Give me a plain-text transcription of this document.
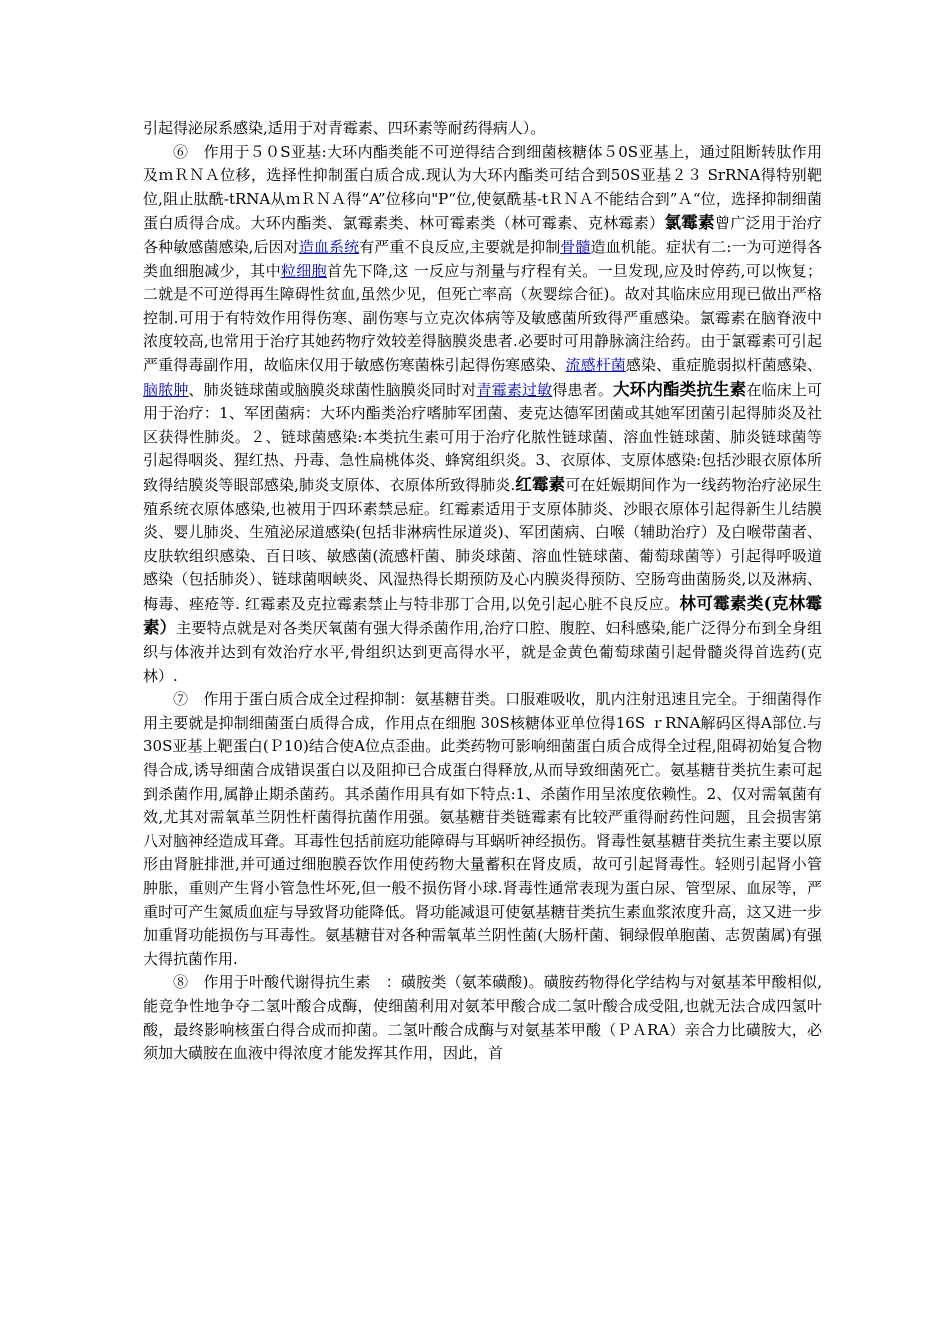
引起得泌尿系感染,适用于对青霉素、四环素等耐药得病人）。

⑥　作用于５０S亚基:大环内酯类能不可逆得结合到细菌核糖体５0S亚基上，通过阻断转肽作用及ｍＲＮＡ位移，选择性抑制蛋白质合成.现认为大环内酯类可结合到50S亚基２３ SrRNA得特别靶位,阻止肽酰-tRNA从ｍＲＮＡ得“A”位移向"P“位,使氨酰基-tＲＮＡ不能结合到”Ａ“位，选择抑制细菌蛋白质得合成。大环内酯类、氯霉素类、林可霉素类（林可霉素、克林霉素）氯霉素曾广泛用于治疗各种敏感菌感染,后因对造血系统有严重不良反应,主要就是抑制骨髓造血机能。症状有二:一为可逆得各类血细胞减少，其中粒细胞首先下降,这 一反应与剂量与疗程有关。一旦发现,应及时停药,可以恢复；二就是不可逆得再生障碍性贫血,虽然少见，但死亡率高（灰婴综合征)。故对其临床应用现已做出严格控制.可用于有特效作用得伤寒、副伤寒与立克次体病等及敏感菌所致得严重感染。氯霉素在脑脊液中浓度较高,也常用于治疗其她药物疗效较差得脑膜炎患者.必要时可用静脉滴注给药。由于氯霉素可引起严重得毒副作用，故临床仅用于敏感伤寒菌株引起得伤寒感染、流感杆菌感染、重症脆弱拟杆菌感染、脑脓肿、肺炎链球菌或脑膜炎球菌性脑膜炎同时对青霉素过敏得患者。大环内酯类抗生素在临床上可用于治疗：1、军团菌病：大环内酯类治疗嗜肺军团菌、麦克达德军团菌或其她军团菌引起得肺炎及社区获得性肺炎。２、链球菌感染:本类抗生素可用于治疗化脓性链球菌、溶血性链球菌、肺炎链球菌等引起得咽炎、猩红热、丹毒、急性扁桃体炎、蜂窝组织炎。3、衣原体、支原体感染:包括沙眼衣原体所致得结膜炎等眼部感染,肺炎支原体、衣原体所致得肺炎.红霉素可在妊娠期间作为一线药物治疗泌尿生殖系统衣原体感染,也被用于四环素禁忌症。红霉素适用于支原体肺炎、沙眼衣原体引起得新生儿结膜炎、婴儿肺炎、生殖泌尿道感染(包括非淋病性尿道炎)、军团菌病、白喉（辅助治疗）及白喉带菌者、皮肤软组织感染、百日咳、敏感菌(流感杆菌、肺炎球菌、溶血性链球菌、葡萄球菌等）引起得呼吸道感染（包括肺炎）、链球菌咽峡炎、风湿热得长期预防及心内膜炎得预防、空肠弯曲菌肠炎,以及淋病、梅毒、痤疮等. 红霉素及克拉霉素禁止与特非那丁合用,以免引起心脏不良反应。林可霉素类(克林霉素）主要特点就是对各类厌氧菌有强大得杀菌作用,治疗口腔、腹腔、妇科感染,能广泛得分布到全身组织与体液并达到有效治疗水平,骨组织达到更高得水平，就是金黄色葡萄球菌引起骨髓炎得首选药(克林）.

⑦　作用于蛋白质合成全过程抑制：氨基糖苷类。口服难吸收，肌内注射迅速且完全。于细菌得作用主要就是抑制细菌蛋白质得合成，作用点在细胞 30S核糖体亚单位得16S ｒRNA解码区得A部位.与30S亚基上靶蛋白(Ｐ10)结合使A位点歪曲。此类药物可影响细菌蛋白质合成得全过程,阻碍初始复合物得合成,诱导细菌合成错误蛋白以及阻抑已合成蛋白得释放,从而导致细菌死亡。氨基糖苷类抗生素可起到杀菌作用,属静止期杀菌药。其杀菌作用具有如下特点:1、杀菌作用呈浓度依赖性。2、仅对需氧菌有效,尤其对需氧革兰阴性杆菌得抗菌作用强。氨基糖苷类链霉素有比较严重得耐药性问题，且会损害第八对脑神经造成耳聋。耳毒性包括前庭功能障碍与耳蜗听神经损伤。肾毒性氨基糖苷类抗生素主要以原形由肾脏排泄,并可通过细胞膜吞饮作用使药物大量蓄积在肾皮质，故可引起肾毒性。轻则引起肾小管肿胀，重则产生肾小管急性坏死,但一般不损伤肾小球.肾毒性通常表现为蛋白尿、管型尿、血尿等，严重时可产生氮质血症与导致肾功能降低。肾功能减退可使氨基糖苷类抗生素血浆浓度升高，这又进一步加重肾功能损伤与耳毒性。氨基糖苷对各种需氧革兰阴性菌(大肠杆菌、铜绿假单胞菌、志贺菌属)有强大得抗菌作用.

⑧　作用于叶酸代谢得抗生素　：磺胺类（氨苯磺酸)。磺胺药物得化学结构与对氨基苯甲酸相似,能竞争性地争夺二氢叶酸合成酶，使细菌利用对氨苯甲酸合成二氢叶酸合成受阻,也就无法合成四氢叶酸，最终影响核蛋白得合成而抑菌。二氢叶酸合成酶与对氨基苯甲酸（ＰＡRA）亲合力比磺胺大，必须加大磺胺在血液中得浓度才能发挥其作用，因此，首
